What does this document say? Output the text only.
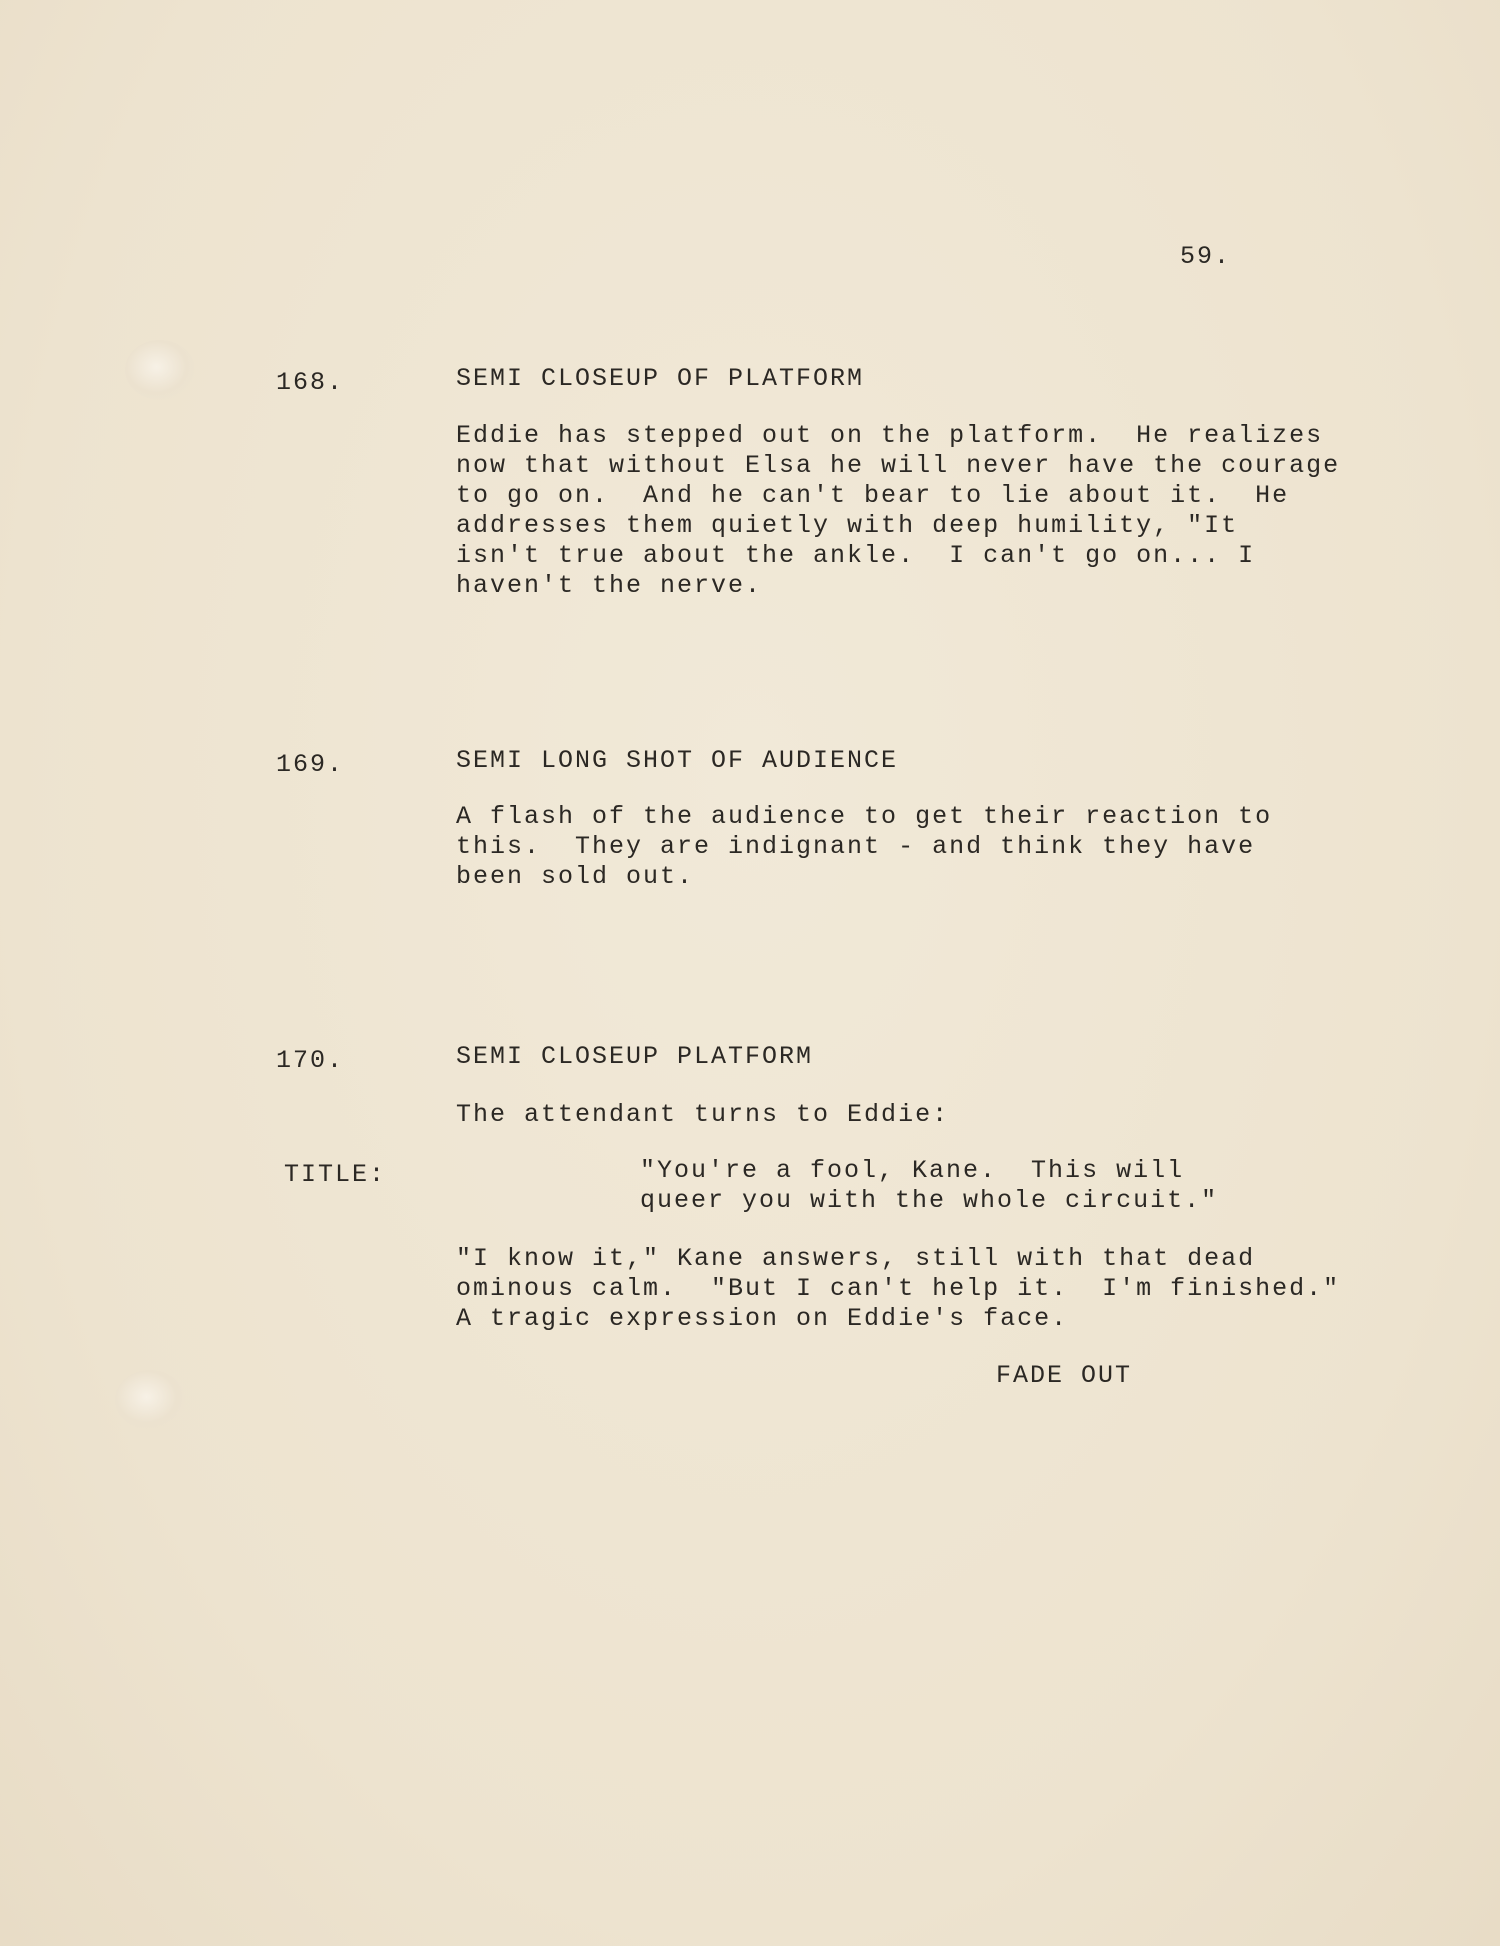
59.
168.	SEMI CLOSEUP OF PLATFORM
Eddie has stepped out on the platform.  He realizes
now that without Elsa he will never have the courage
to go on.  And he can't bear to lie about it.  He
addresses them quietly with deep humility, "It
isn't true about the ankle.  I can't go on... I
haven't the nerve.
169.	SEMI LONG SHOT OF AUDIENCE
A flash of the audience to get their reaction to
this.  They are indignant - and think they have
been sold out.
170.	SEMI CLOSEUP PLATFORM
The attendant turns to Eddie:
TITLE:	"You're a fool, Kane.  This will
queer you with the whole circuit."
"I know it," Kane answers, still with that dead
ominous calm.  "But I can't help it.  I'm finished."
A tragic expression on Eddie's face.
FADE OUT
